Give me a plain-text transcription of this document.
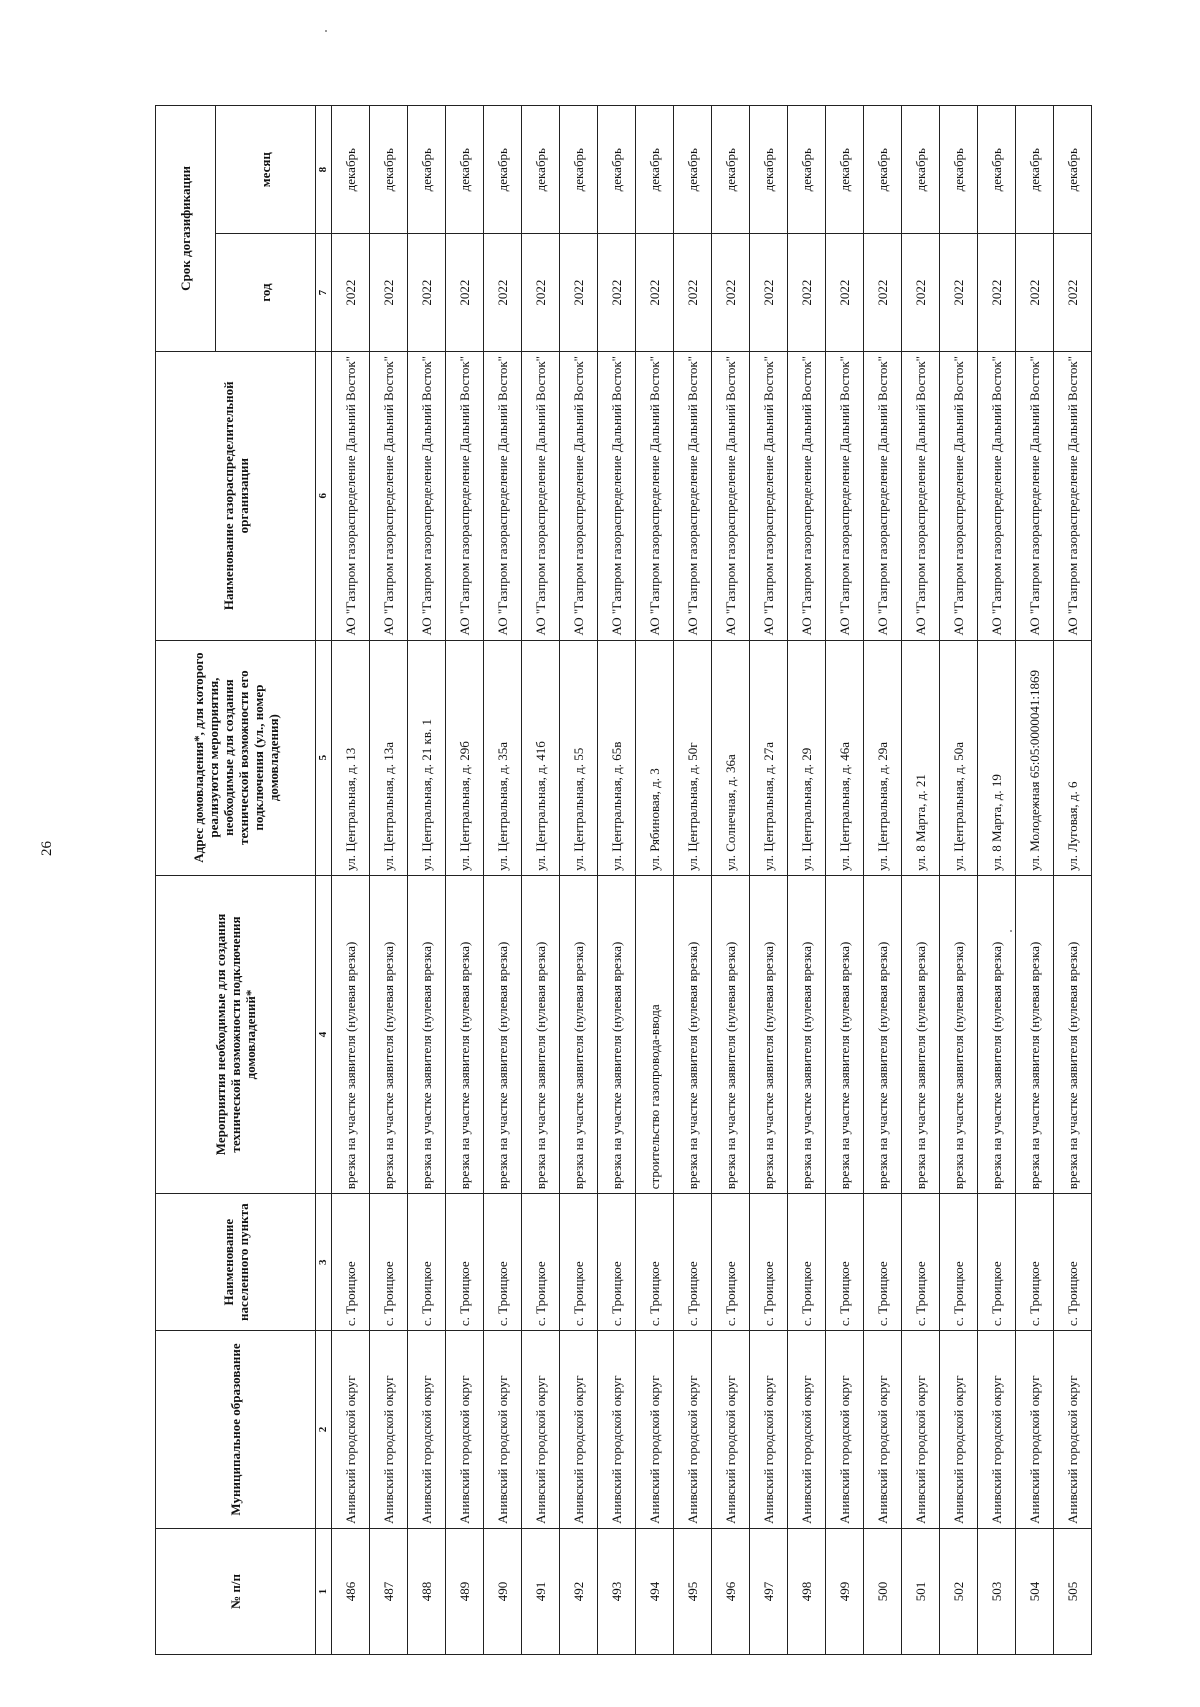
26
№ п/п	Муниципальное образование	Наименование населенного пункта	Мероприятия необходимые для создания технической возможности подключения домовладений*	Адрес домовладения*, для которого реализуются мероприятия, необходимые для создания технической возможности его подключения (ул., номер домовладения)	Наименование газораспределительной организации	Срок догазификации	
						год	месяц
1	2	3	4	5	6	7	8
486	Анивский городской округ	с. Троицкое	врезка на участке заявителя (нулевая врезка)	ул. Центральная, д. 13	АО "Газпром газораспределение Дальний Восток"	2022	декабрь
487	Анивский городской округ	с. Троицкое	врезка на участке заявителя (нулевая врезка)	ул. Центральная, д. 13а	АО "Газпром газораспределение Дальний Восток"	2022	декабрь
488	Анивский городской округ	с. Троицкое	врезка на участке заявителя (нулевая врезка)	ул. Центральная, д. 21 кв. 1	АО "Газпром газораспределение Дальний Восток"	2022	декабрь
489	Анивский городской округ	с. Троицкое	врезка на участке заявителя (нулевая врезка)	ул. Центральная, д. 29б	АО "Газпром газораспределение Дальний Восток"	2022	декабрь
490	Анивский городской округ	с. Троицкое	врезка на участке заявителя (нулевая врезка)	ул. Центральная, д. 35а	АО "Газпром газораспределение Дальний Восток"	2022	декабрь
491	Анивский городской округ	с. Троицкое	врезка на участке заявителя (нулевая врезка)	ул. Центральная, д. 41б	АО "Газпром газораспределение Дальний Восток"	2022	декабрь
492	Анивский городской округ	с. Троицкое	врезка на участке заявителя (нулевая врезка)	ул. Центральная, д. 55	АО "Газпром газораспределение Дальний Восток"	2022	декабрь
493	Анивский городской округ	с. Троицкое	врезка на участке заявителя (нулевая врезка)	ул. Центральная, д. 65в	АО "Газпром газораспределение Дальний Восток"	2022	декабрь
494	Анивский городской округ	с. Троицкое	строительство газопровода-ввода	ул. Рябиновая, д. 3	АО "Газпром газораспределение Дальний Восток"	2022	декабрь
495	Анивский городской округ	с. Троицкое	врезка на участке заявителя (нулевая врезка)	ул. Центральная, д. 50г	АО "Газпром газораспределение Дальний Восток"	2022	декабрь
496	Анивский городской округ	с. Троицкое	врезка на участке заявителя (нулевая врезка)	ул. Солнечная, д. 36а	АО "Газпром газораспределение Дальний Восток"	2022	декабрь
497	Анивский городской округ	с. Троицкое	врезка на участке заявителя (нулевая врезка)	ул. Центральная, д. 27а	АО "Газпром газораспределение Дальний Восток"	2022	декабрь
498	Анивский городской округ	с. Троицкое	врезка на участке заявителя (нулевая врезка)	ул. Центральная, д. 29	АО "Газпром газораспределение Дальний Восток"	2022	декабрь
499	Анивский городской округ	с. Троицкое	врезка на участке заявителя (нулевая врезка)	ул. Центральная, д. 46а	АО "Газпром газораспределение Дальний Восток"	2022	декабрь
500	Анивский городской округ	с. Троицкое	врезка на участке заявителя (нулевая врезка)	ул. Центральная, д. 29а	АО "Газпром газораспределение Дальний Восток"	2022	декабрь
501	Анивский городской округ	с. Троицкое	врезка на участке заявителя (нулевая врезка)	ул. 8 Марта, д. 21	АО "Газпром газораспределение Дальний Восток"	2022	декабрь
502	Анивский городской округ	с. Троицкое	врезка на участке заявителя (нулевая врезка)	ул. Центральная, д. 50а	АО "Газпром газораспределение Дальний Восток"	2022	декабрь
503	Анивский городской округ	с. Троицкое	врезка на участке заявителя (нулевая врезка)	ул. 8 Марта, д. 19	АО "Газпром газораспределение Дальний Восток"	2022	декабрь
504	Анивский городской округ	с. Троицкое	врезка на участке заявителя (нулевая врезка)	ул. Молодежная 65:05:0000041:1869	АО "Газпром газораспределение Дальний Восток"	2022	декабрь
505	Анивский городской округ	с. Троицкое	врезка на участке заявителя (нулевая врезка)	ул. Луговая, д. 6	АО "Газпром газораспределение Дальний Восток"	2022	декабрь
